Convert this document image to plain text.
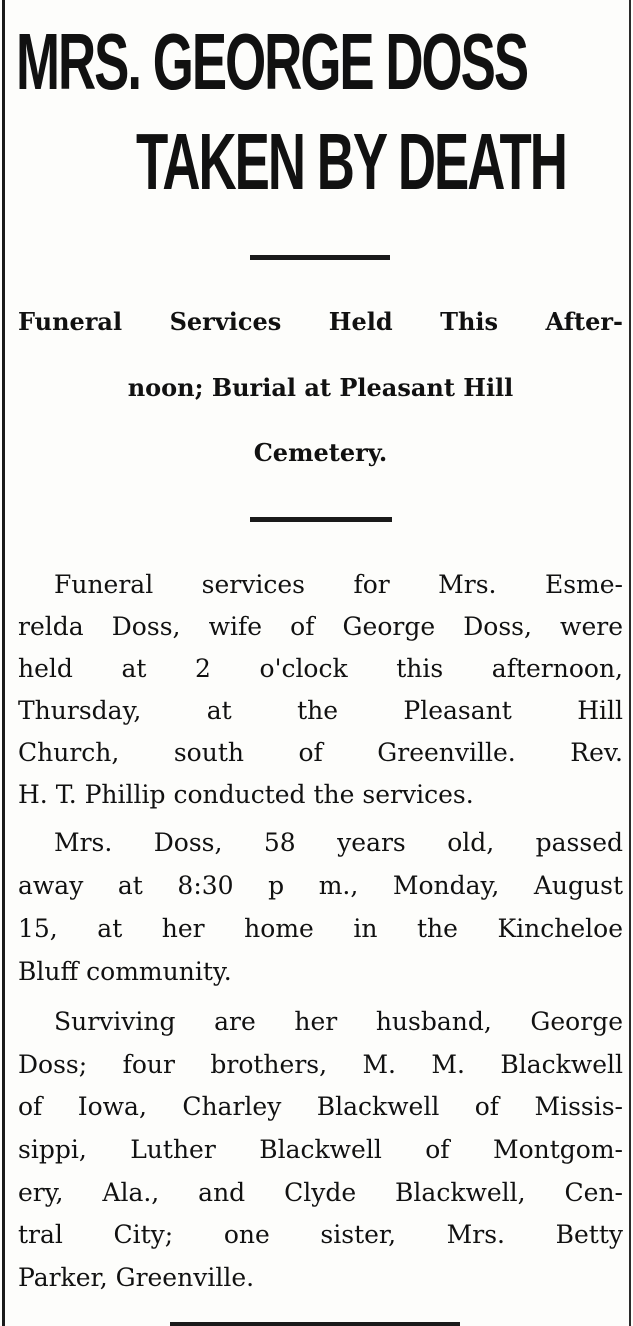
MRS. GEORGE DOSS
TAKEN BY DEATH

Funeral Services Held This After-

noon; Burial at Pleasant Hill

Cemetery.

Funeral services for Mrs. Esme-

relda Doss, wife of George Doss, were

held at 2 o'clock this afternoon,

Thursday, at the Pleasant Hill

Church, south of Greenville. Rev.

H. T. Phillip conducted the services.

Mrs. Doss, 58 years old, passed

away at 8:30 p m., Monday, August

15, at her home in the Kincheloe

Bluff community.

Surviving are her husband, George

Doss; four brothers, M. M. Blackwell

of Iowa, Charley Blackwell of Missis-

sippi, Luther Blackwell of Montgom-

ery, Ala., and Clyde Blackwell, Cen-

tral City; one sister, Mrs. Betty

Parker, Greenville.
